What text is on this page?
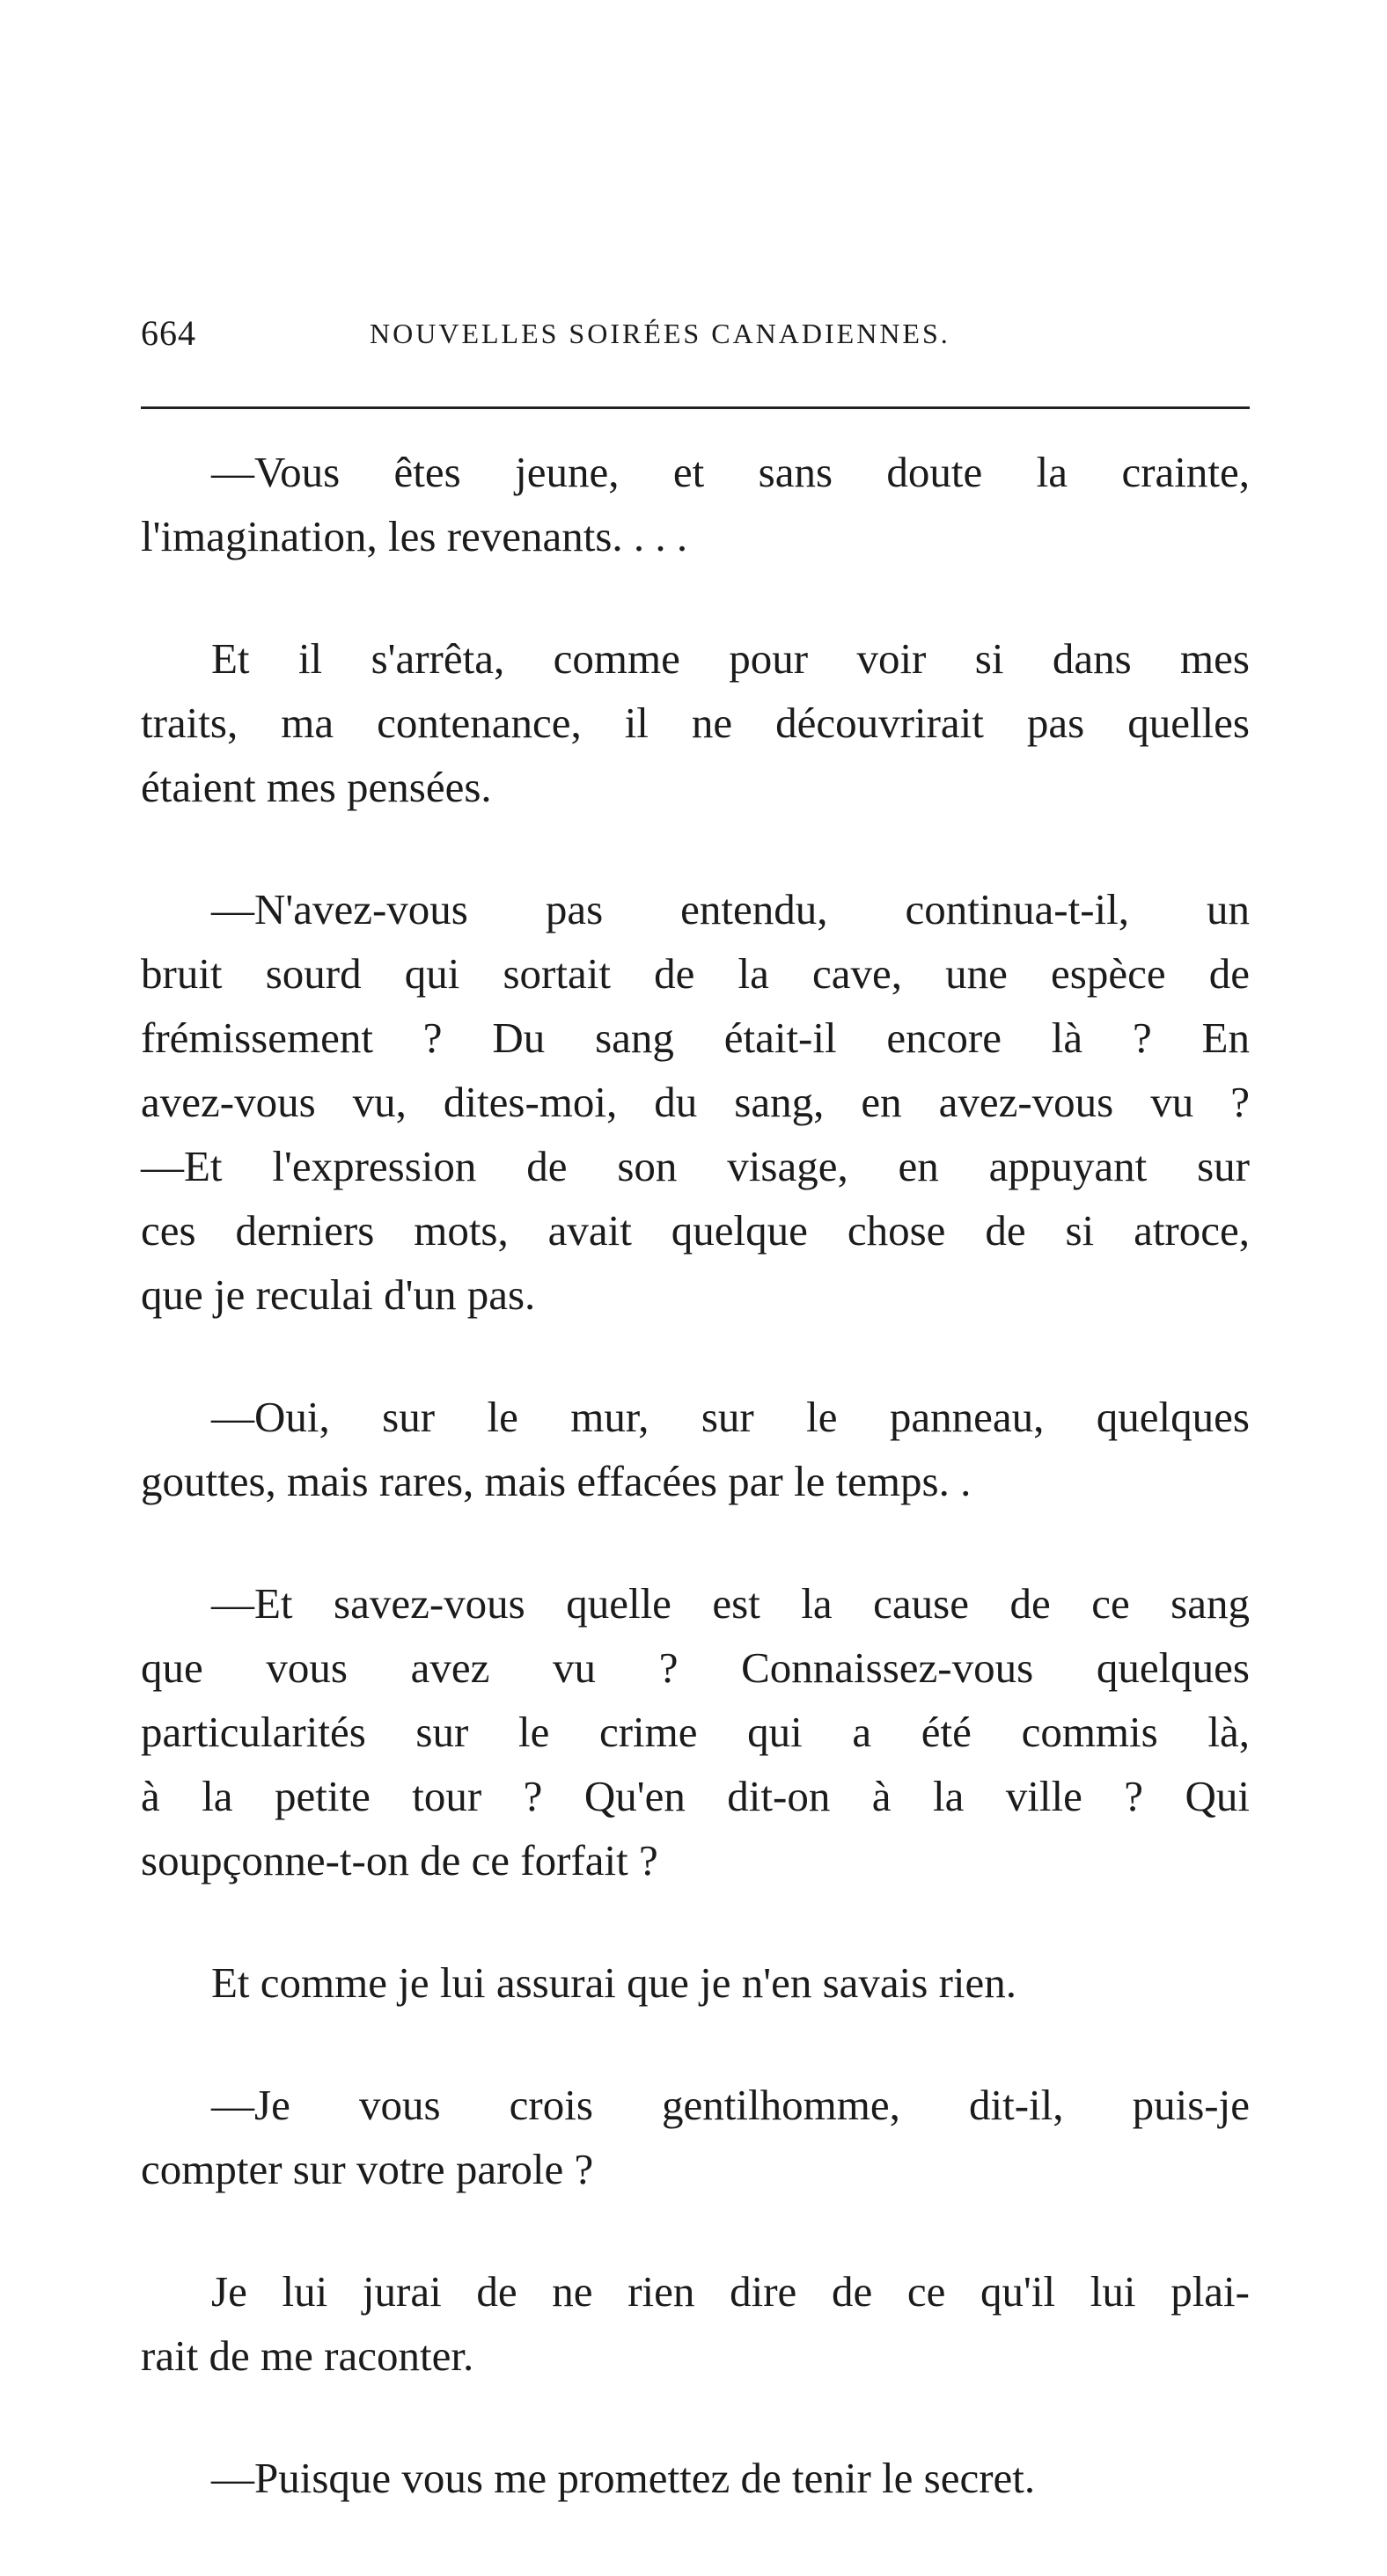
664	NOUVELLES SOIRÉES CANADIENNES.

—Vous êtes jeune, et sans doute la crainte,
l'imagination, les revenants. . . .

Et il s'arrêta, comme pour voir si dans mes
traits, ma contenance, il ne découvrirait pas quelles
étaient mes pensées.

—N'avez-vous pas entendu, continua-t-il, un
bruit sourd qui sortait de la cave, une espèce de
frémissement ? Du sang était-il encore là ? En
avez-vous vu, dites-moi, du sang, en avez-vous vu ?
—Et l'expression de son visage, en appuyant sur
ces derniers mots, avait quelque chose de si atroce,
que je reculai d'un pas.

—Oui, sur le mur, sur le panneau, quelques
gouttes, mais rares, mais effacées par le temps. .

—Et savez-vous quelle est la cause de ce sang
que vous avez vu ? Connaissez-vous quelques
particularités sur le crime qui a été commis là,
à la petite tour ? Qu'en dit-on à la ville ? Qui
soupçonne-t-on de ce forfait ?

Et comme je lui assurai que je n'en savais rien.

—Je vous crois gentilhomme, dit-il, puis-je
compter sur votre parole ?

Je lui jurai de ne rien dire de ce qu'il lui plai-
rait de me raconter.

—Puisque vous me promettez de tenir le secret.
